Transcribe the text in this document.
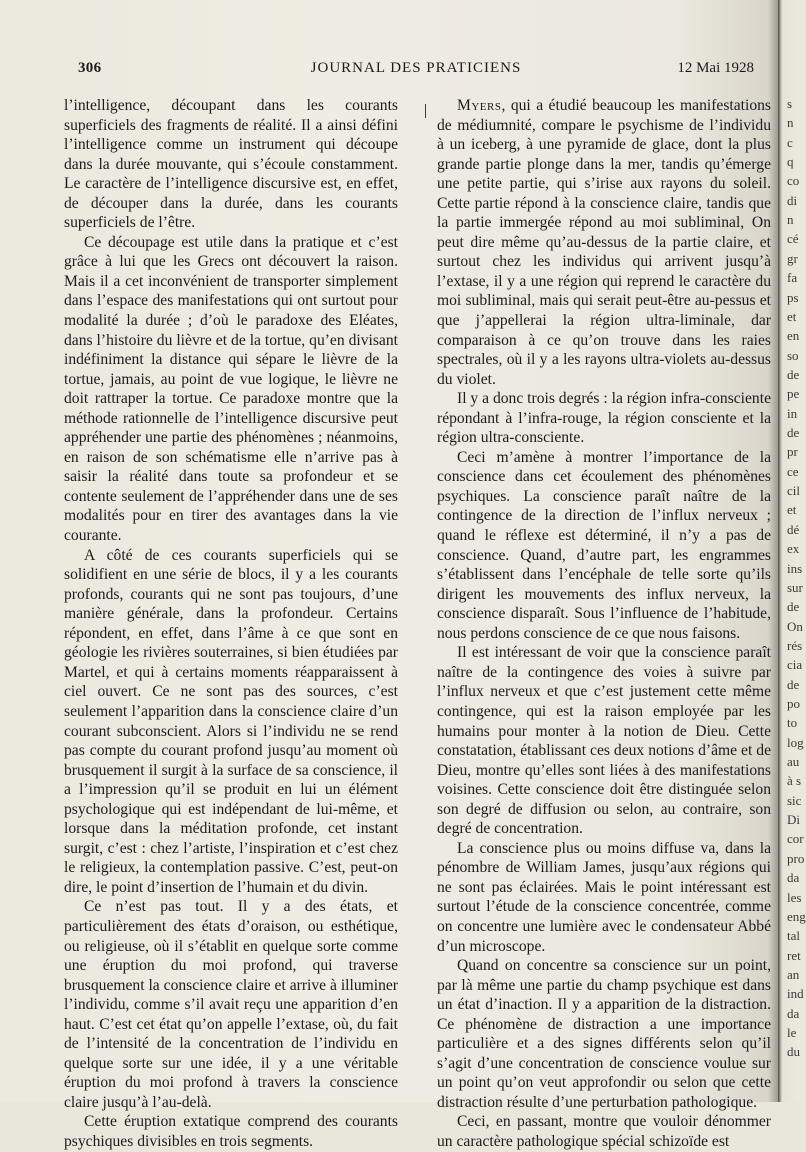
306	JOURNAL DES PRATICIENS	12 Mai 1928

l’intelligence, découpant dans les courants superficiels des fragments de réalité. Il a ainsi défini l’intelligence comme un instrument qui découpe dans la durée mouvante, qui s’écoule constamment. Le caractère de l’intelligence discursive est, en effet, de découper dans la durée, dans les courants superficiels de l’être.

Ce découpage est utile dans la pratique et c’est grâce à lui que les Grecs ont découvert la raison. Mais il a cet inconvénient de transporter simplement dans l’espace des manifestations qui ont surtout pour modalité la durée ; d’où le paradoxe des Eléates, dans l’histoire du lièvre et de la tortue, qu’en divisant indéfiniment la distance qui sépare le lièvre de la tortue, jamais, au point de vue logique, le lièvre ne doit rattraper la tortue. Ce paradoxe montre que la méthode rationnelle de l’intelligence discursive peut appréhender une partie des phénomènes ; néanmoins, en raison de son schématisme elle n’arrive pas à saisir la réalité dans toute sa profondeur et se contente seulement de l’appréhender dans une de ses modalités pour en tirer des avantages dans la vie courante.

A côté de ces courants superficiels qui se solidifient en une série de blocs, il y a les courants profonds, courants qui ne sont pas toujours, d’une manière générale, dans la profondeur. Certains répondent, en effet, dans l’âme à ce que sont en géologie les rivières souterraines, si bien étudiées par Martel, et qui à certains moments réapparaissent à ciel ouvert. Ce ne sont pas des sources, c’est seulement l’apparition dans la conscience claire d’un courant subconscient. Alors si l’individu ne se rend pas compte du courant profond jusqu’au moment où brusquement il surgit à la surface de sa conscience, il a l’impression qu’il se produit en lui un élément psychologique qui est indépendant de lui-même, et lorsque dans la méditation profonde, cet instant surgit, c’est : chez l’artiste, l’inspiration et c’est chez le religieux, la contemplation passive. C’est, peut-on dire, le point d’insertion de l’humain et du divin.

Ce n’est pas tout. Il y a des états, et particulièrement des états d’oraison, ou esthétique, ou religieuse, où il s’établit en quelque sorte comme une éruption du moi profond, qui traverse brusquement la conscience claire et arrive à illuminer l’individu, comme s’il avait reçu une apparition d’en haut. C’est cet état qu’on appelle l’extase, où, du fait de l’intensité de la concentration de l’individu en quelque sorte sur une idée, il y a une véritable éruption du moi profond à travers la conscience claire jusqu’à l’au-delà.

Cette éruption extatique comprend des courants psychiques divisibles en trois segments.

Myers, qui a étudié beaucoup les manifestations de médiumnité, compare le psychisme de l’individu à un iceberg, à une pyramide de glace, dont la plus grande partie plonge dans la mer, tandis qu’émerge une petite partie, qui s’irise aux rayons du soleil. Cette partie répond à la conscience claire, tandis que la partie immergée répond au moi subliminal, On peut dire même qu’au-dessus de la partie claire, et surtout chez les individus qui arrivent jusqu’à l’extase, il y a une région qui reprend le caractère du moi subliminal, mais qui serait peut-être au-pessus et que j’appellerai la région ultra-liminale, dar comparaison à ce qu’on trouve dans les raies spectrales, où il y a les rayons ultra-violets au-dessus du violet.

Il y a donc trois degrés : la région infra-consciente répondant à l’infra-rouge, la région consciente et la région ultra-consciente.

Ceci m’amène à montrer l’importance de la conscience dans cet écoulement des phénomènes psychiques. La conscience paraît naître de la contingence de la direction de l’influx nerveux ; quand le réflexe est déterminé, il n’y a pas de conscience. Quand, d’autre part, les engrammes s’établissent dans l’encéphale de telle sorte qu’ils dirigent les mouvements des influx nerveux, la conscience disparaît. Sous l’influence de l’habitude, nous perdons conscience de ce que nous faisons.

Il est intéressant de voir que la conscience paraît naître de la contingence des voies à suivre par l’influx nerveux et que c’est justement cette même contingence, qui est la raison employée par les humains pour monter à la notion de Dieu. Cette constatation, établissant ces deux notions d’âme et de Dieu, montre qu’elles sont liées à des manifestations voisines. Cette conscience doit être distinguée selon son degré de diffusion ou selon, au contraire, son degré de concentration.

La conscience plus ou moins diffuse va, dans la pénombre de William James, jusqu’aux régions qui ne sont pas éclairées. Mais le point intéressant est surtout l’étude de la conscience concentrée, comme on concentre une lumière avec le condensateur Abbé d’un microscope.

Quand on concentre sa conscience sur un point, par là même une partie du champ psychique est dans un état d’inaction. Il y a apparition de la distraction. Ce phénomène de distraction a une importance particulière et a des signes différents selon qu’il s’agit d’une concentration de conscience voulue sur un point qu’on veut approfondir ou selon que cette distraction résulte d’une perturbation pathologique.

Ceci, en passant, montre que vouloir dénommer un caractère pathologique spécial schizoïde est

s
n
c
q
co
di
n
cé
gr
fa
ps
et
en
so
de
pe
in
de
pr
ce
cil
et
dé
ex
ins
sur
de
On
rés
cia
de
po
to
log
au
à s
sic
Di
cor
pro
da
les
eng
tal
ret
an
ind
da
le
du
